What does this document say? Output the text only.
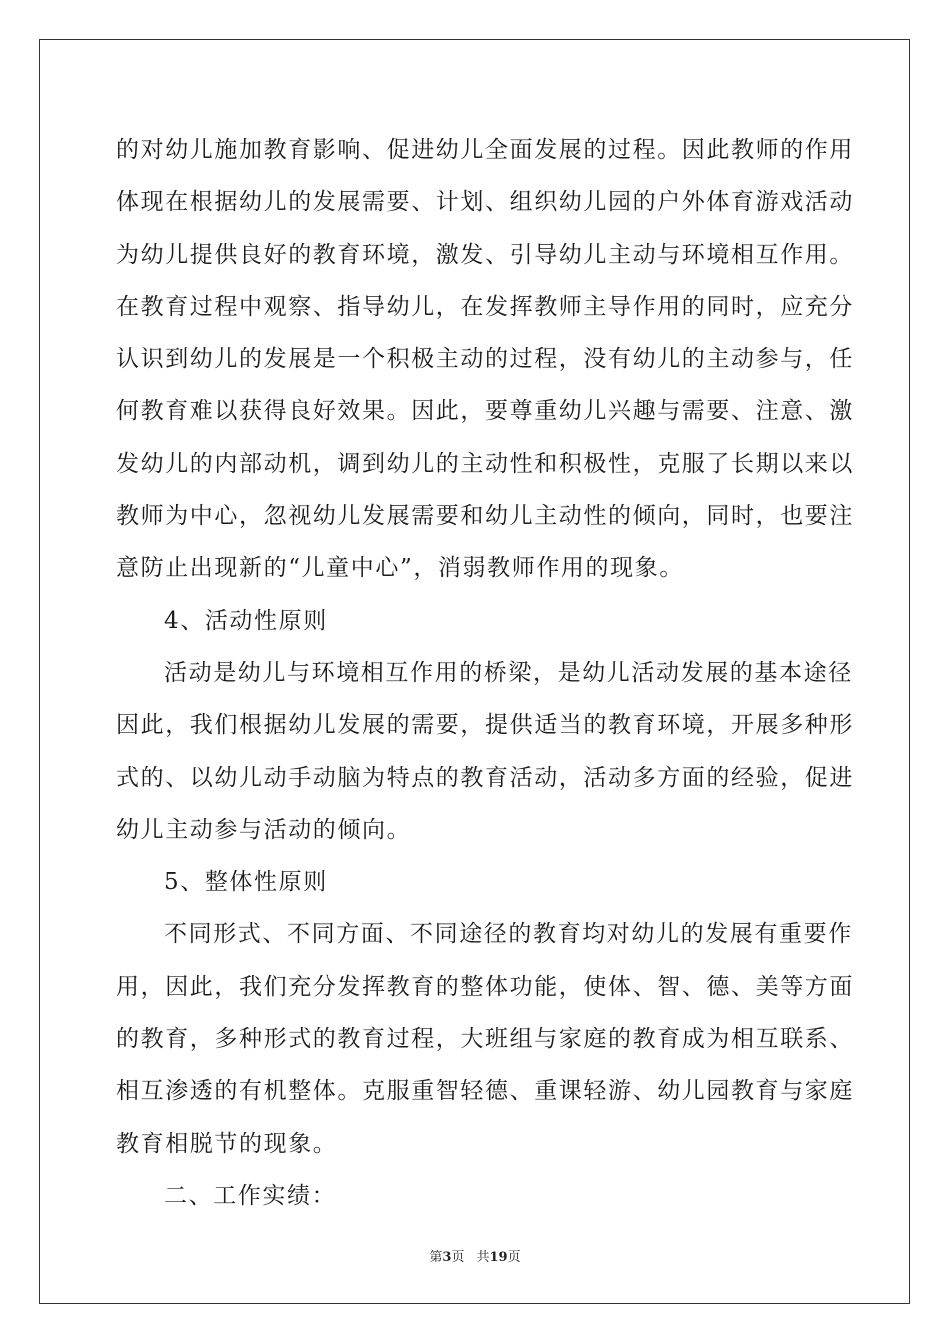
的对幼儿施加教育影响、促进幼儿全面发展的过程。因此教师的作用
体现在根据幼儿的发展需要、计划、组织幼儿园的户外体育游戏活动
为幼儿提供良好的教育环境，激发、引导幼儿主动与环境相互作用。
在教育过程中观察、指导幼儿，在发挥教师主导作用的同时，应充分
认识到幼儿的发展是一个积极主动的过程，没有幼儿的主动参与，任
何教育难以获得良好效果。因此，要尊重幼儿兴趣与需要、注意、激
发幼儿的内部动机，调到幼儿的主动性和积极性，克服了长期以来以
教师为中心，忽视幼儿发展需要和幼儿主动性的倾向，同时，也要注
意防止出现新的“儿童中心”，消弱教师作用的现象。
4、活动性原则
活动是幼儿与环境相互作用的桥梁，是幼儿活动发展的基本途径
因此，我们根据幼儿发展的需要，提供适当的教育环境，开展多种形
式的、以幼儿动手动脑为特点的教育活动，活动多方面的经验，促进
幼儿主动参与活动的倾向。
5、整体性原则
不同形式、不同方面、不同途径的教育均对幼儿的发展有重要作
用，因此，我们充分发挥教育的整体功能，使体、智、德、美等方面
的教育，多种形式的教育过程，大班组与家庭的教育成为相互联系、
相互渗透的有机整体。克服重智轻德、重课轻游、幼儿园教育与家庭
教育相脱节的现象。
二、工作实绩：
第3页 共19页
